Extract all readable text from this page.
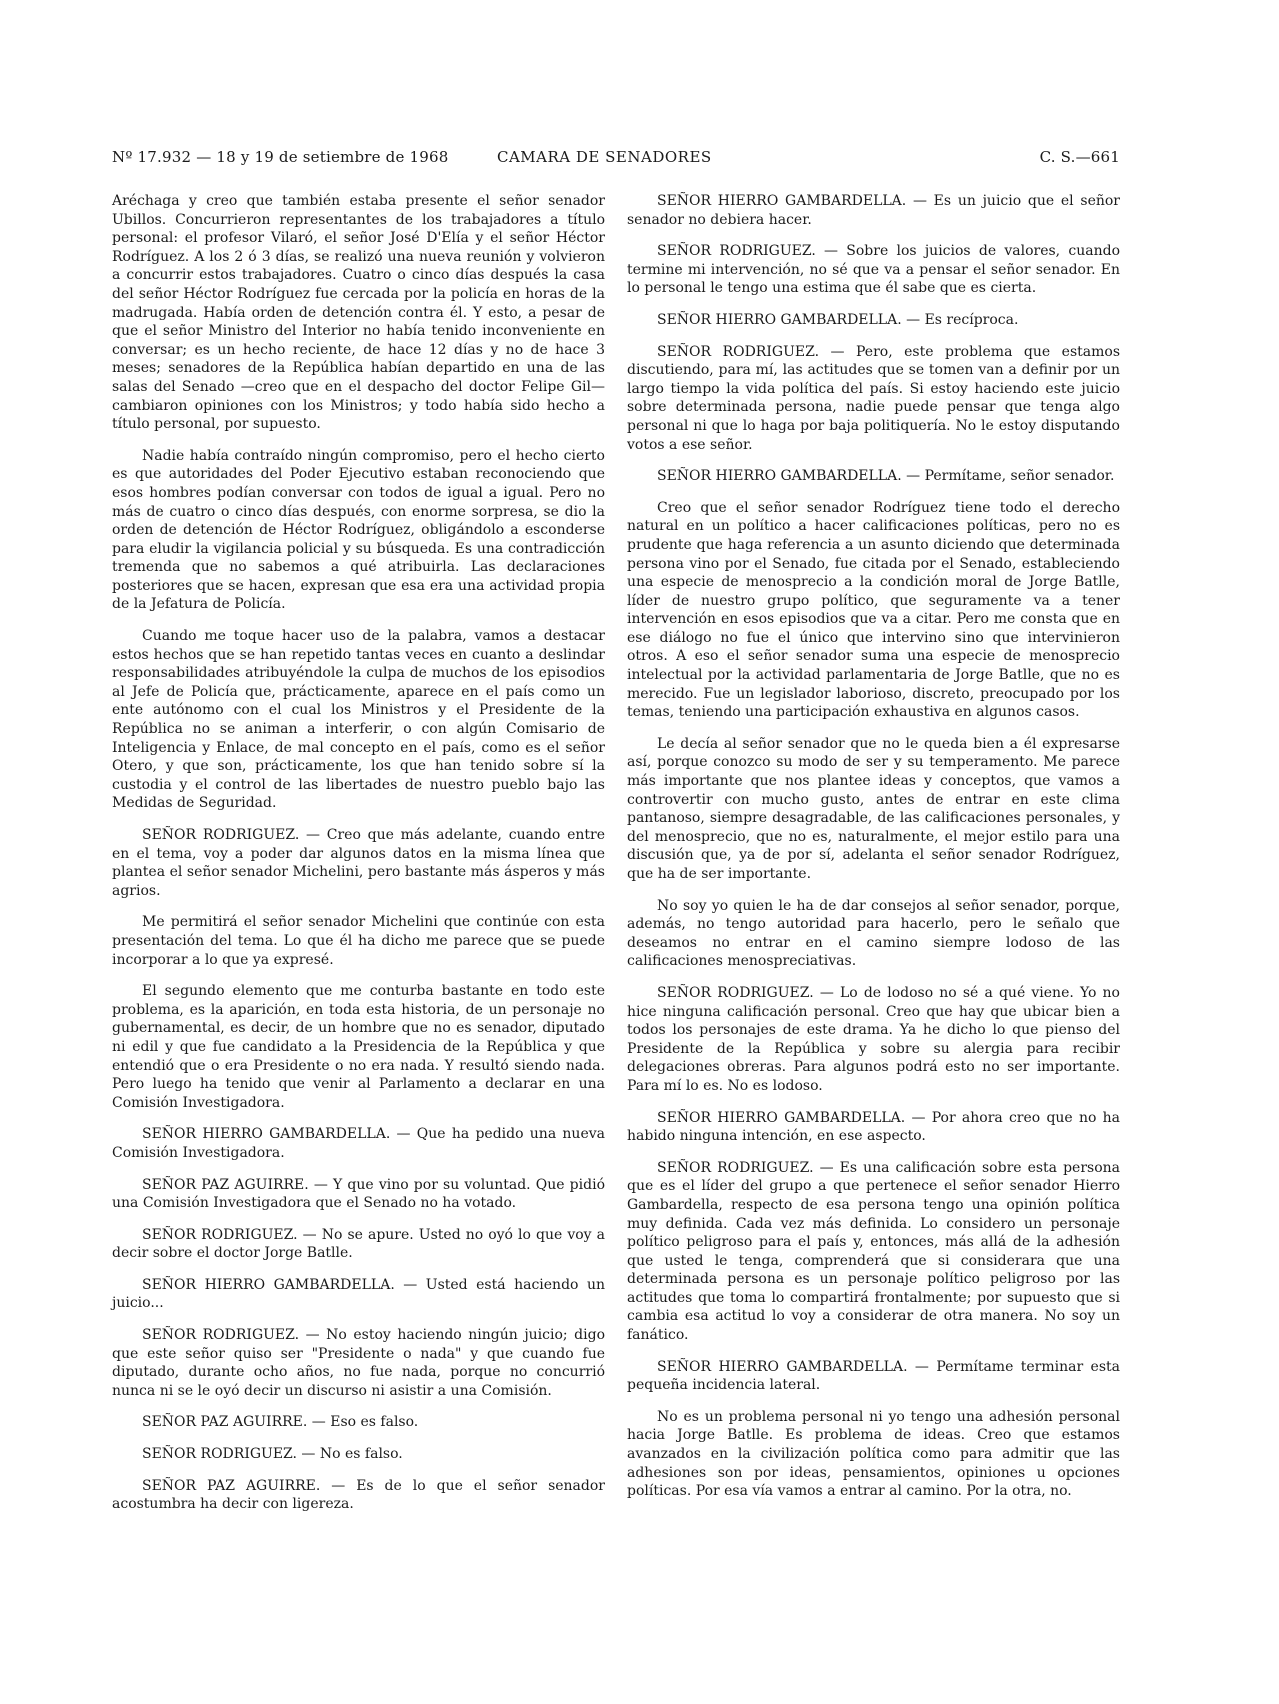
Nº 17.932 — 18 y 19 de setiembre de 1968	CAMARA DE SENADORES	C. S.—661

Aréchaga y creo que también estaba presente el señor senador Ubillos. Concurrieron representantes de los trabajadores a título personal: el profesor Vilaró, el señor José D'Elía y el señor Héctor Rodríguez. A los 2 ó 3 días, se realizó una nueva reunión y volvieron a concurrir estos trabajadores. Cuatro o cinco días después la casa del señor Héctor Rodríguez fue cercada por la policía en horas de la madrugada. Había orden de detención contra él. Y esto, a pesar de que el señor Ministro del Interior no había tenido inconveniente en conversar; es un hecho reciente, de hace 12 días y no de hace 3 meses; senadores de la República habían departido en una de las salas del Senado —creo que en el despacho del doctor Felipe Gil— cambiaron opiniones con los Ministros; y todo había sido hecho a título personal, por supuesto.

Nadie había contraído ningún compromiso, pero el hecho cierto es que autoridades del Poder Ejecutivo estaban reconociendo que esos hombres podían conversar con todos de igual a igual. Pero no más de cuatro o cinco días después, con enorme sorpresa, se dio la orden de detención de Héctor Rodríguez, obligándolo a esconderse para eludir la vigilancia policial y su búsqueda. Es una contradicción tremenda que no sabemos a qué atribuirla. Las declaraciones posteriores que se hacen, expresan que esa era una actividad propia de la Jefatura de Policía.

Cuando me toque hacer uso de la palabra, vamos a destacar estos hechos que se han repetido tantas veces en cuanto a deslindar responsabilidades atribuyéndole la culpa de muchos de los episodios al Jefe de Policía que, prácticamente, aparece en el país como un ente autónomo con el cual los Ministros y el Presidente de la República no se animan a interferir, o con algún Comisario de Inteligencia y Enlace, de mal concepto en el país, como es el señor Otero, y que son, prácticamente, los que han tenido sobre sí la custodia y el control de las libertades de nuestro pueblo bajo las Medidas de Seguridad.

SEÑOR RODRIGUEZ. — Creo que más adelante, cuando entre en el tema, voy a poder dar algunos datos en la misma línea que plantea el señor senador Michelini, pero bastante más ásperos y más agrios.

Me permitirá el señor senador Michelini que continúe con esta presentación del tema. Lo que él ha dicho me parece que se puede incorporar a lo que ya expresé.

El segundo elemento que me conturba bastante en todo este problema, es la aparición, en toda esta historia, de un personaje no gubernamental, es decir, de un hombre que no es senador, diputado ni edil y que fue candidato a la Presidencia de la República y que entendió que o era Presidente o no era nada. Y resultó siendo nada. Pero luego ha tenido que venir al Parlamento a declarar en una Comisión Investigadora.

SEÑOR HIERRO GAMBARDELLA. — Que ha pedido una nueva Comisión Investigadora.

SEÑOR PAZ AGUIRRE. — Y que vino por su voluntad. Que pidió una Comisión Investigadora que el Senado no ha votado.

SEÑOR RODRIGUEZ. — No se apure. Usted no oyó lo que voy a decir sobre el doctor Jorge Batlle.

SEÑOR HIERRO GAMBARDELLA. — Usted está haciendo un juicio...

SEÑOR RODRIGUEZ. — No estoy haciendo ningún juicio; digo que este señor quiso ser "Presidente o nada" y que cuando fue diputado, durante ocho años, no fue nada, porque no concurrió nunca ni se le oyó decir un discurso ni asistir a una Comisión.

SEÑOR PAZ AGUIRRE. — Eso es falso.

SEÑOR RODRIGUEZ. — No es falso.

SEÑOR PAZ AGUIRRE. — Es de lo que el señor senador acostumbra ha decir con ligereza.

SEÑOR HIERRO GAMBARDELLA. — Es un juicio que el señor senador no debiera hacer.

SEÑOR RODRIGUEZ. — Sobre los juicios de valores, cuando termine mi intervención, no sé que va a pensar el señor senador. En lo personal le tengo una estima que él sabe que es cierta.

SEÑOR HIERRO GAMBARDELLA. — Es recíproca.

SEÑOR RODRIGUEZ. — Pero, este problema que estamos discutiendo, para mí, las actitudes que se tomen van a definir por un largo tiempo la vida política del país. Si estoy haciendo este juicio sobre determinada persona, nadie puede pensar que tenga algo personal ni que lo haga por baja politiquería. No le estoy disputando votos a ese señor.

SEÑOR HIERRO GAMBARDELLA. — Permítame, señor senador.

Creo que el señor senador Rodríguez tiene todo el derecho natural en un político a hacer calificaciones políticas, pero no es prudente que haga referencia a un asunto diciendo que determinada persona vino por el Senado, fue citada por el Senado, estableciendo una especie de menosprecio a la condición moral de Jorge Batlle, líder de nuestro grupo político, que seguramente va a tener intervención en esos episodios que va a citar. Pero me consta que en ese diálogo no fue el único que intervino sino que intervinieron otros. A eso el señor senador suma una especie de menosprecio intelectual por la actividad parlamentaria de Jorge Batlle, que no es merecido. Fue un legislador laborioso, discreto, preocupado por los temas, teniendo una participación exhaustiva en algunos casos.

Le decía al señor senador que no le queda bien a él expresarse así, porque conozco su modo de ser y su temperamento. Me parece más importante que nos plantee ideas y conceptos, que vamos a controvertir con mucho gusto, antes de entrar en este clima pantanoso, siempre desagradable, de las calificaciones personales, y del menosprecio, que no es, naturalmente, el mejor estilo para una discusión que, ya de por sí, adelanta el señor senador Rodríguez, que ha de ser importante.

No soy yo quien le ha de dar consejos al señor senador, porque, además, no tengo autoridad para hacerlo, pero le señalo que deseamos no entrar en el camino siempre lodoso de las calificaciones menospreciativas.

SEÑOR RODRIGUEZ. — Lo de lodoso no sé a qué viene. Yo no hice ninguna calificación personal. Creo que hay que ubicar bien a todos los personajes de este drama. Ya he dicho lo que pienso del Presidente de la República y sobre su alergia para recibir delegaciones obreras. Para algunos podrá esto no ser importante. Para mí lo es. No es lodoso.

SEÑOR HIERRO GAMBARDELLA. — Por ahora creo que no ha habido ninguna intención, en ese aspecto.

SEÑOR RODRIGUEZ. — Es una calificación sobre esta persona que es el líder del grupo a que pertenece el señor senador Hierro Gambardella, respecto de esa persona tengo una opinión política muy definida. Cada vez más definida. Lo considero un personaje político peligroso para el país y, entonces, más allá de la adhesión que usted le tenga, comprenderá que si considerara que una determinada persona es un personaje político peligroso por las actitudes que toma lo compartirá frontalmente; por supuesto que si cambia esa actitud lo voy a considerar de otra manera. No soy un fanático.

SEÑOR HIERRO GAMBARDELLA. — Permítame terminar esta pequeña incidencia lateral.

No es un problema personal ni yo tengo una adhesión personal hacia Jorge Batlle. Es problema de ideas. Creo que estamos avanzados en la civilización política como para admitir que las adhesiones son por ideas, pensamientos, opiniones u opciones políticas. Por esa vía vamos a entrar al camino. Por la otra, no.
